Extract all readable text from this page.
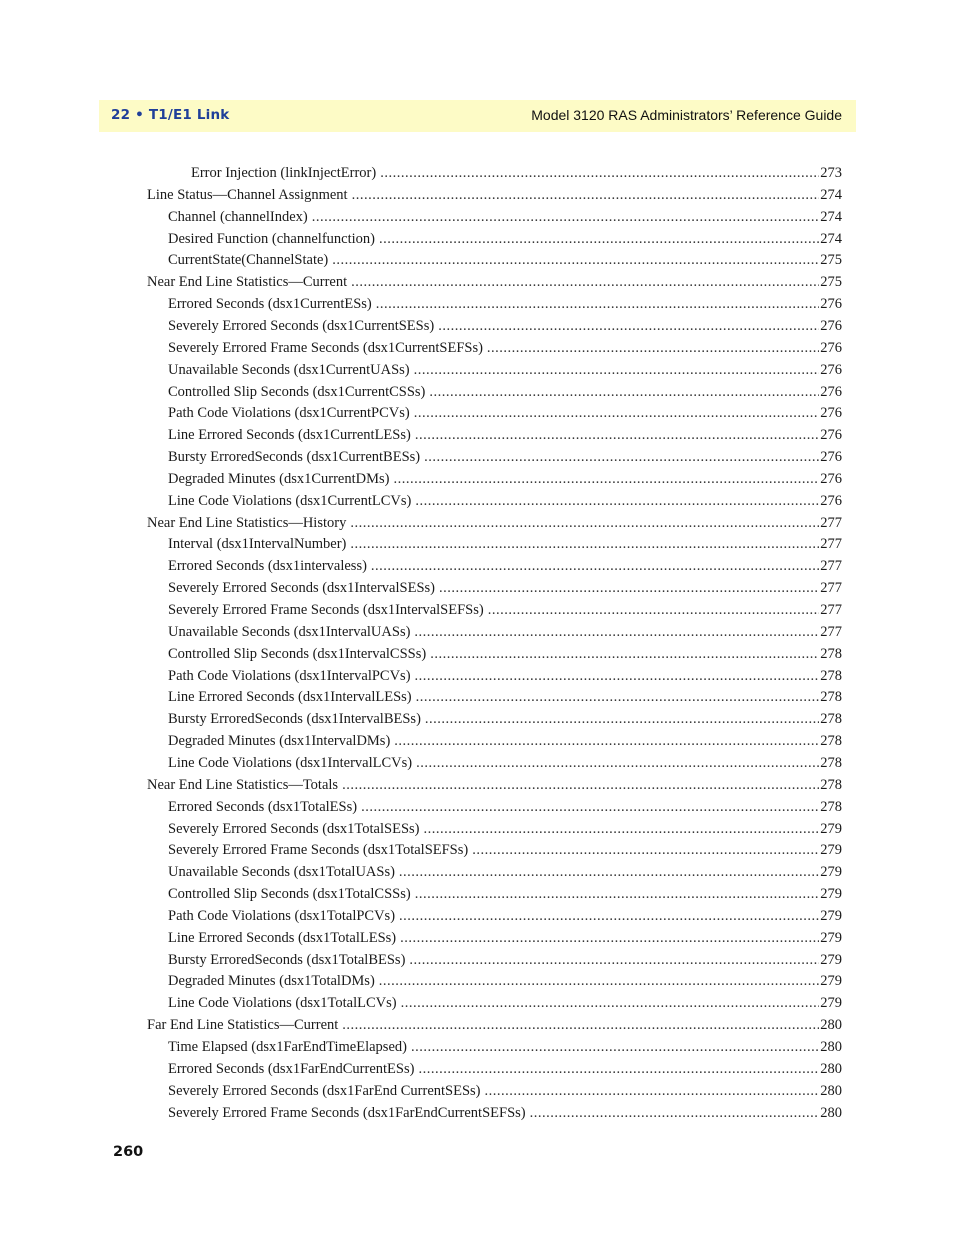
22 • T1/E1 Link	Model 3120 RAS Administrators’ Reference Guide
Error Injection (linkInjectError) .....	273
Line Status—Channel Assignment .....	274
Channel (channelIndex) .....	274
Desired Function (channelfunction) .....	274
CurrentState(ChannelState) .....	275
Near End Line Statistics—Current .....	275
Errored Seconds (dsx1CurrentESs) .....	276
Severely Errored Seconds (dsx1CurrentSESs) .....	276
Severely Errored Frame Seconds (dsx1CurrentSEFSs) .....	276
Unavailable Seconds (dsx1CurrentUASs) .....	276
Controlled Slip Seconds (dsx1CurrentCSSs) .....	276
Path Code Violations (dsx1CurrentPCVs) .....	276
Line Errored Seconds (dsx1CurrentLESs) .....	276
Bursty ErroredSeconds (dsx1CurrentBESs) .....	276
Degraded Minutes (dsx1CurrentDMs) .....	276
Line Code Violations (dsx1CurrentLCVs) .....	276
Near End Line Statistics—History .....	277
Interval (dsx1IntervalNumber) .....	277
Errored Seconds (dsx1intervaless) .....	277
Severely Errored Seconds (dsx1IntervalSESs) .....	277
Severely Errored Frame Seconds (dsx1IntervalSEFSs) .....	277
Unavailable Seconds (dsx1IntervalUASs) .....	277
Controlled Slip Seconds (dsx1IntervalCSSs) .....	278
Path Code Violations (dsx1IntervalPCVs) .....	278
Line Errored Seconds (dsx1IntervalLESs) .....	278
Bursty ErroredSeconds (dsx1IntervalBESs) .....	278
Degraded Minutes (dsx1IntervalDMs) .....	278
Line Code Violations (dsx1IntervalLCVs) .....	278
Near End Line Statistics—Totals .....	278
Errored Seconds (dsx1TotalESs) .....	278
Severely Errored Seconds (dsx1TotalSESs) .....	279
Severely Errored Frame Seconds (dsx1TotalSEFSs) .....	279
Unavailable Seconds (dsx1TotalUASs) .....	279
Controlled Slip Seconds (dsx1TotalCSSs) .....	279
Path Code Violations (dsx1TotalPCVs) .....	279
Line Errored Seconds (dsx1TotalLESs) .....	279
Bursty ErroredSeconds (dsx1TotalBESs) .....	279
Degraded Minutes (dsx1TotalDMs) .....	279
Line Code Violations (dsx1TotalLCVs) .....	279
Far End Line Statistics—Current .....	280
Time Elapsed (dsx1FarEndTimeElapsed) .....	280
Errored Seconds (dsx1FarEndCurrentESs) .....	280
Severely Errored Seconds (dsx1FarEnd CurrentSESs) .....	280
Severely Errored Frame Seconds (dsx1FarEndCurrentSEFSs) .....	280
260
